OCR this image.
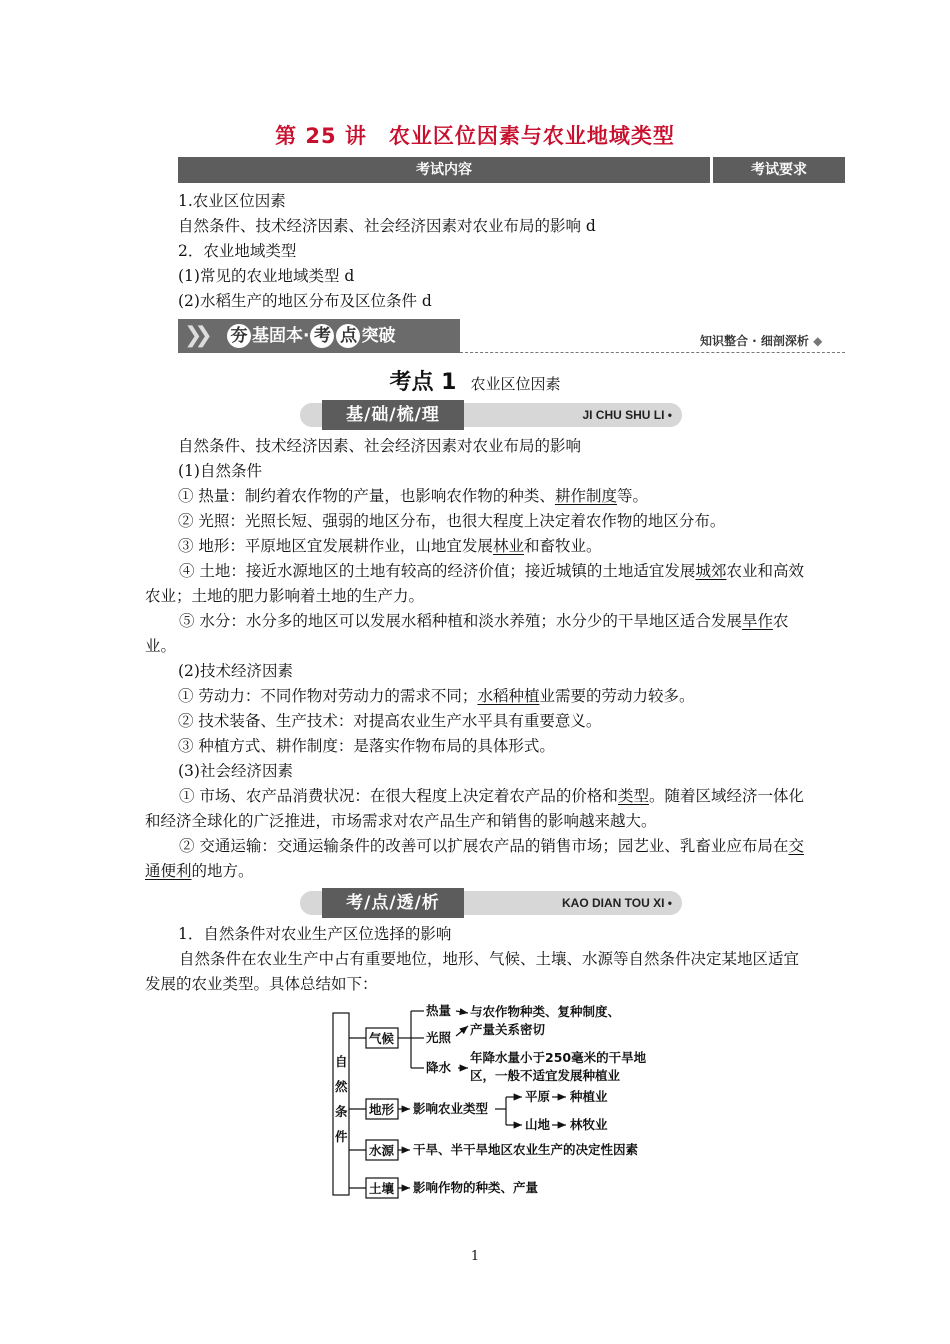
第 25 讲　农业区位因素与农业地域类型
考试内容	考试要求
1.农业区位因素
自然条件、技术经济因素、社会经济因素对农业布局的影响 d
2．农业地域类型
(1)常见的农业地域类型 d
(2)水稻生产的地区分布及区位条件 d
❯❯ 夯 基固本· 考 点 突破	知识整合 · 细剖深析 ◆
考点 1 农业区位因素
基/础/梳/理	JI CHU SHU LI •
自然条件、技术经济因素、社会经济因素对农业布局的影响
(1)自然条件
① 热量：制约着农作物的产量，也影响农作物的种类、耕作制度等。
② 光照：光照长短、强弱的地区分布，也很大程度上决定着农作物的地区分布。
③ 地形：平原地区宜发展耕作业，山地宜发展林业和畜牧业。
④ 土地：接近水源地区的土地有较高的经济价值；接近城镇的土地适宜发展城郊农业和高效农业；土地的肥力影响着土地的生产力。
⑤ 水分：水分多的地区可以发展水稻种植和淡水养殖；水分少的干旱地区适合发展旱作农业。
(2)技术经济因素
① 劳动力：不同作物对劳动力的需求不同；水稻种植业需要的劳动力较多。
② 技术装备、生产技术：对提高农业生产水平具有重要意义。
③ 种植方式、耕作制度：是落实作物布局的具体形式。
(3)社会经济因素
① 市场、农产品消费状况：在很大程度上决定着农产品的价格和类型。随着区域经济一体化和经济全球化的广泛推进，市场需求对农产品生产和销售的影响越来越大。
② 交通运输：交通运输条件的改善可以扩展农产品的销售市场；园艺业、乳畜业应布局在交通便利的地方。
考/点/透/析	KAO DIAN TOU XI •
1．自然条件对农业生产区位选择的影响
自然条件在农业生产中占有重要地位，地形、气候、土壤、水源等自然条件决定某地区适宜发展的农业类型。具体总结如下：
自
然
条
件
气候
地形
水源
土壤
热量
光照
降水
与农作物种类、复种制度、
产量关系密切
年降水量小于250毫米的干旱地
区，一般不适宜发展种植业
影响农业类型
平原
山地
种植业
林牧业
干旱、半干旱地区农业生产的决定性因素
影响作物的种类、产量
1
